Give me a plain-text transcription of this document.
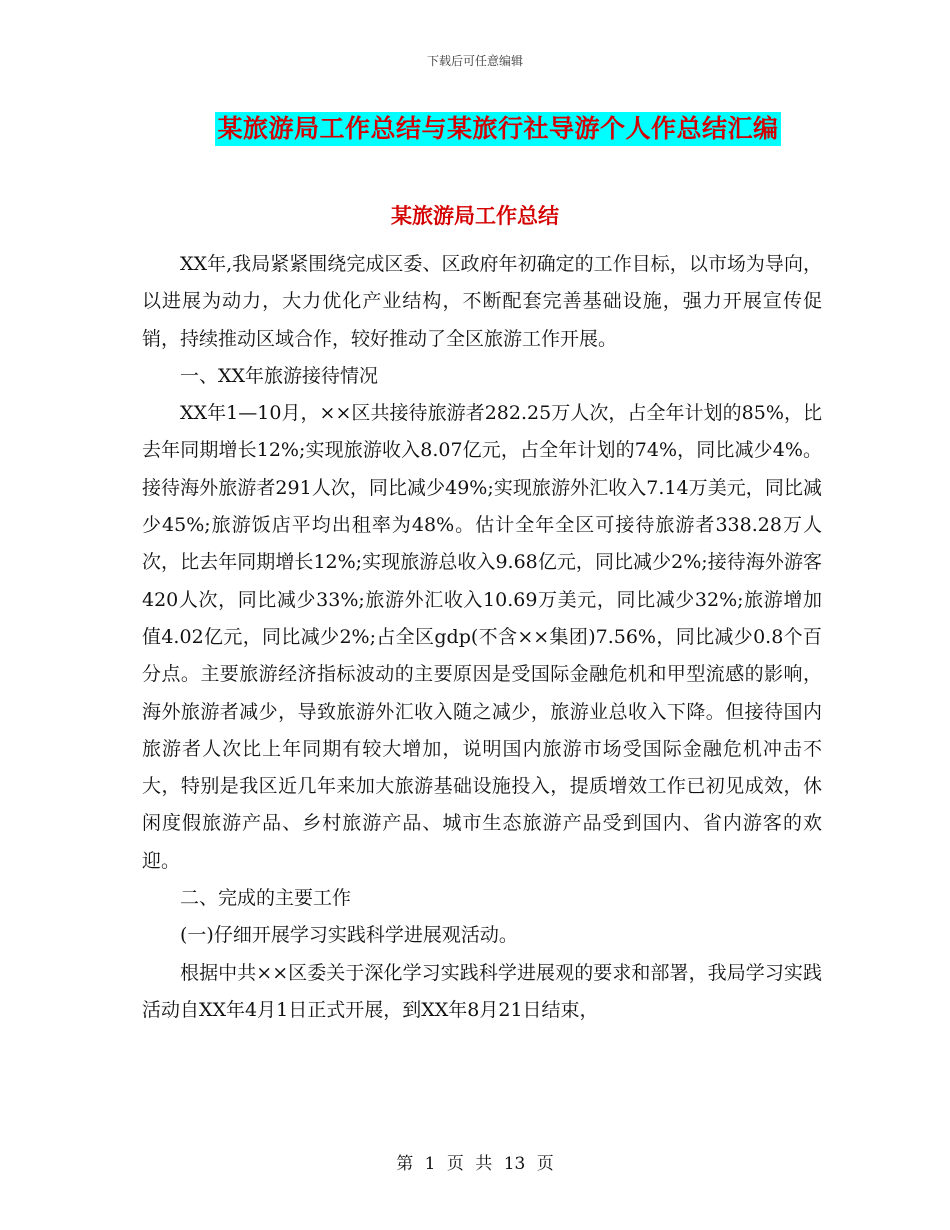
下载后可任意编辑
某旅游局工作总结与某旅行社导游个人作总结汇编
某旅游局工作总结

XX年,我局紧紧围绕完成区委、区政府年初确定的工作目标，以市场为导向，以进展为动力，大力优化产业结构，不断配套完善基础设施，强力开展宣传促销，持续推动区域合作，较好推动了全区旅游工作开展。

一、XX年旅游接待情况

XX年1—10月，××区共接待旅游者282.25万人次，占全年计划的85%，比去年同期增长12%;实现旅游收入8.07亿元，占全年计划的74%，同比减少4%。接待海外旅游者291人次，同比减少49%;实现旅游外汇收入7.14万美元，同比减少45%;旅游饭店平均出租率为48%。估计全年全区可接待旅游者338.28万人次，比去年同期增长12%;实现旅游总收入9.68亿元，同比减少2%;接待海外游客420人次，同比减少33%;旅游外汇收入10.69万美元，同比减少32%;旅游增加值4.02亿元，同比减少2%;占全区gdp(不含××集团)7.56%，同比减少0.8个百分点。主要旅游经济指标波动的主要原因是受国际金融危机和甲型流感的影响，海外旅游者减少，导致旅游外汇收入随之减少，旅游业总收入下降。但接待国内旅游者人次比上年同期有较大增加，说明国内旅游市场受国际金融危机冲击不大，特别是我区近几年来加大旅游基础设施投入，提质增效工作已初见成效，休闲度假旅游产品、乡村旅游产品、城市生态旅游产品受到国内、省内游客的欢迎。

二、完成的主要工作

(一)仔细开展学习实践科学进展观活动。

根据中共××区委关于深化学习实践科学进展观的要求和部署，我局学习实践活动自XX年4月1日正式开展，到XX年8月21日结束，

第 1 页 共 13 页
